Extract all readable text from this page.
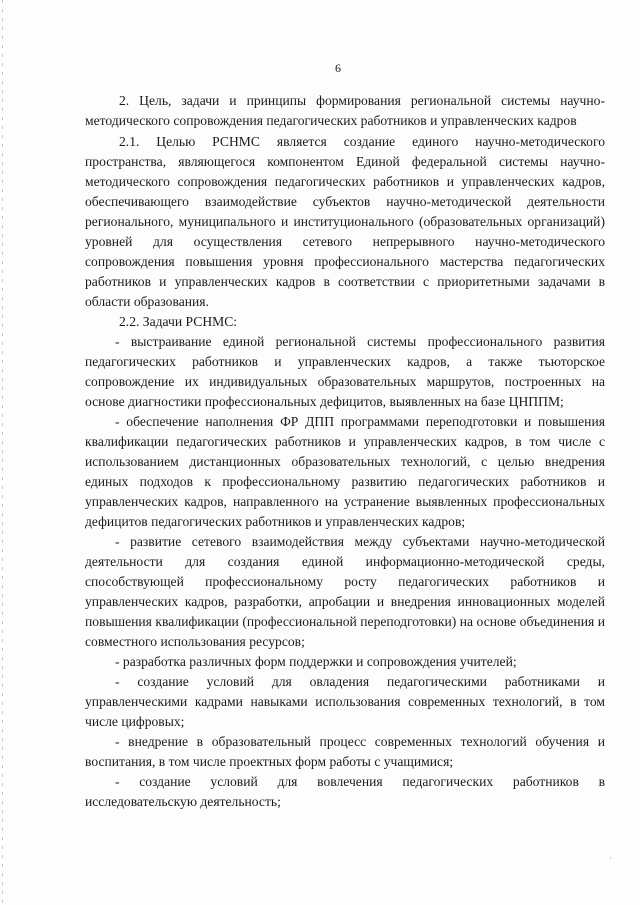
6

2. Цель, задачи и принципы формирования региональной системы научно-методического сопровождения педагогических работников и управленческих кадров

2.1. Целью РСНМС является создание единого научно-методического пространства, являющегося компонентом Единой федеральной системы научно-методического сопровождения педагогических работников и управленческих кадров, обеспечивающего взаимодействие субъектов научно-методической деятельности регионального, муниципального и институционального (образовательных организаций) уровней для осуществления сетевого непрерывного научно-методического сопровождения повышения уровня профессионального мастерства педагогических работников и управленческих кадров в соответствии с приоритетными задачами в области образования.

2.2. Задачи РСНМС:

- выстраивание единой региональной системы профессионального развития педагогических работников и управленческих кадров, а также тьюторское сопровождение их индивидуальных образовательных маршрутов, построенных на основе диагностики профессиональных дефицитов, выявленных на базе ЦНППМ;

- обеспечение наполнения ФР ДПП программами переподготовки и повышения квалификации педагогических работников и управленческих кадров, в том числе с использованием дистанционных образовательных технологий, с целью внедрения единых подходов к профессиональному развитию педагогических работников и управленческих кадров, направленного на устранение выявленных профессиональных дефицитов педагогических работников и управленческих кадров;

- развитие сетевого взаимодействия между субъектами научно-методической деятельности для создания единой информационно-методической среды, способствующей профессиональному росту педагогических работников и управленческих кадров, разработки, апробации и внедрения инновационных моделей повышения квалификации (профессиональной переподготовки) на основе объединения и совместного использования ресурсов;

- разработка различных форм поддержки и сопровождения учителей;

- создание условий для овладения педагогическими работниками и управленческими кадрами навыками использования современных технологий, в том числе цифровых;

- внедрение в образовательный процесс современных технологий обучения и воспитания, в том числе проектных форм работы с учащимися;

- создание условий для вовлечения педагогических работников в исследовательскую деятельность;

·
